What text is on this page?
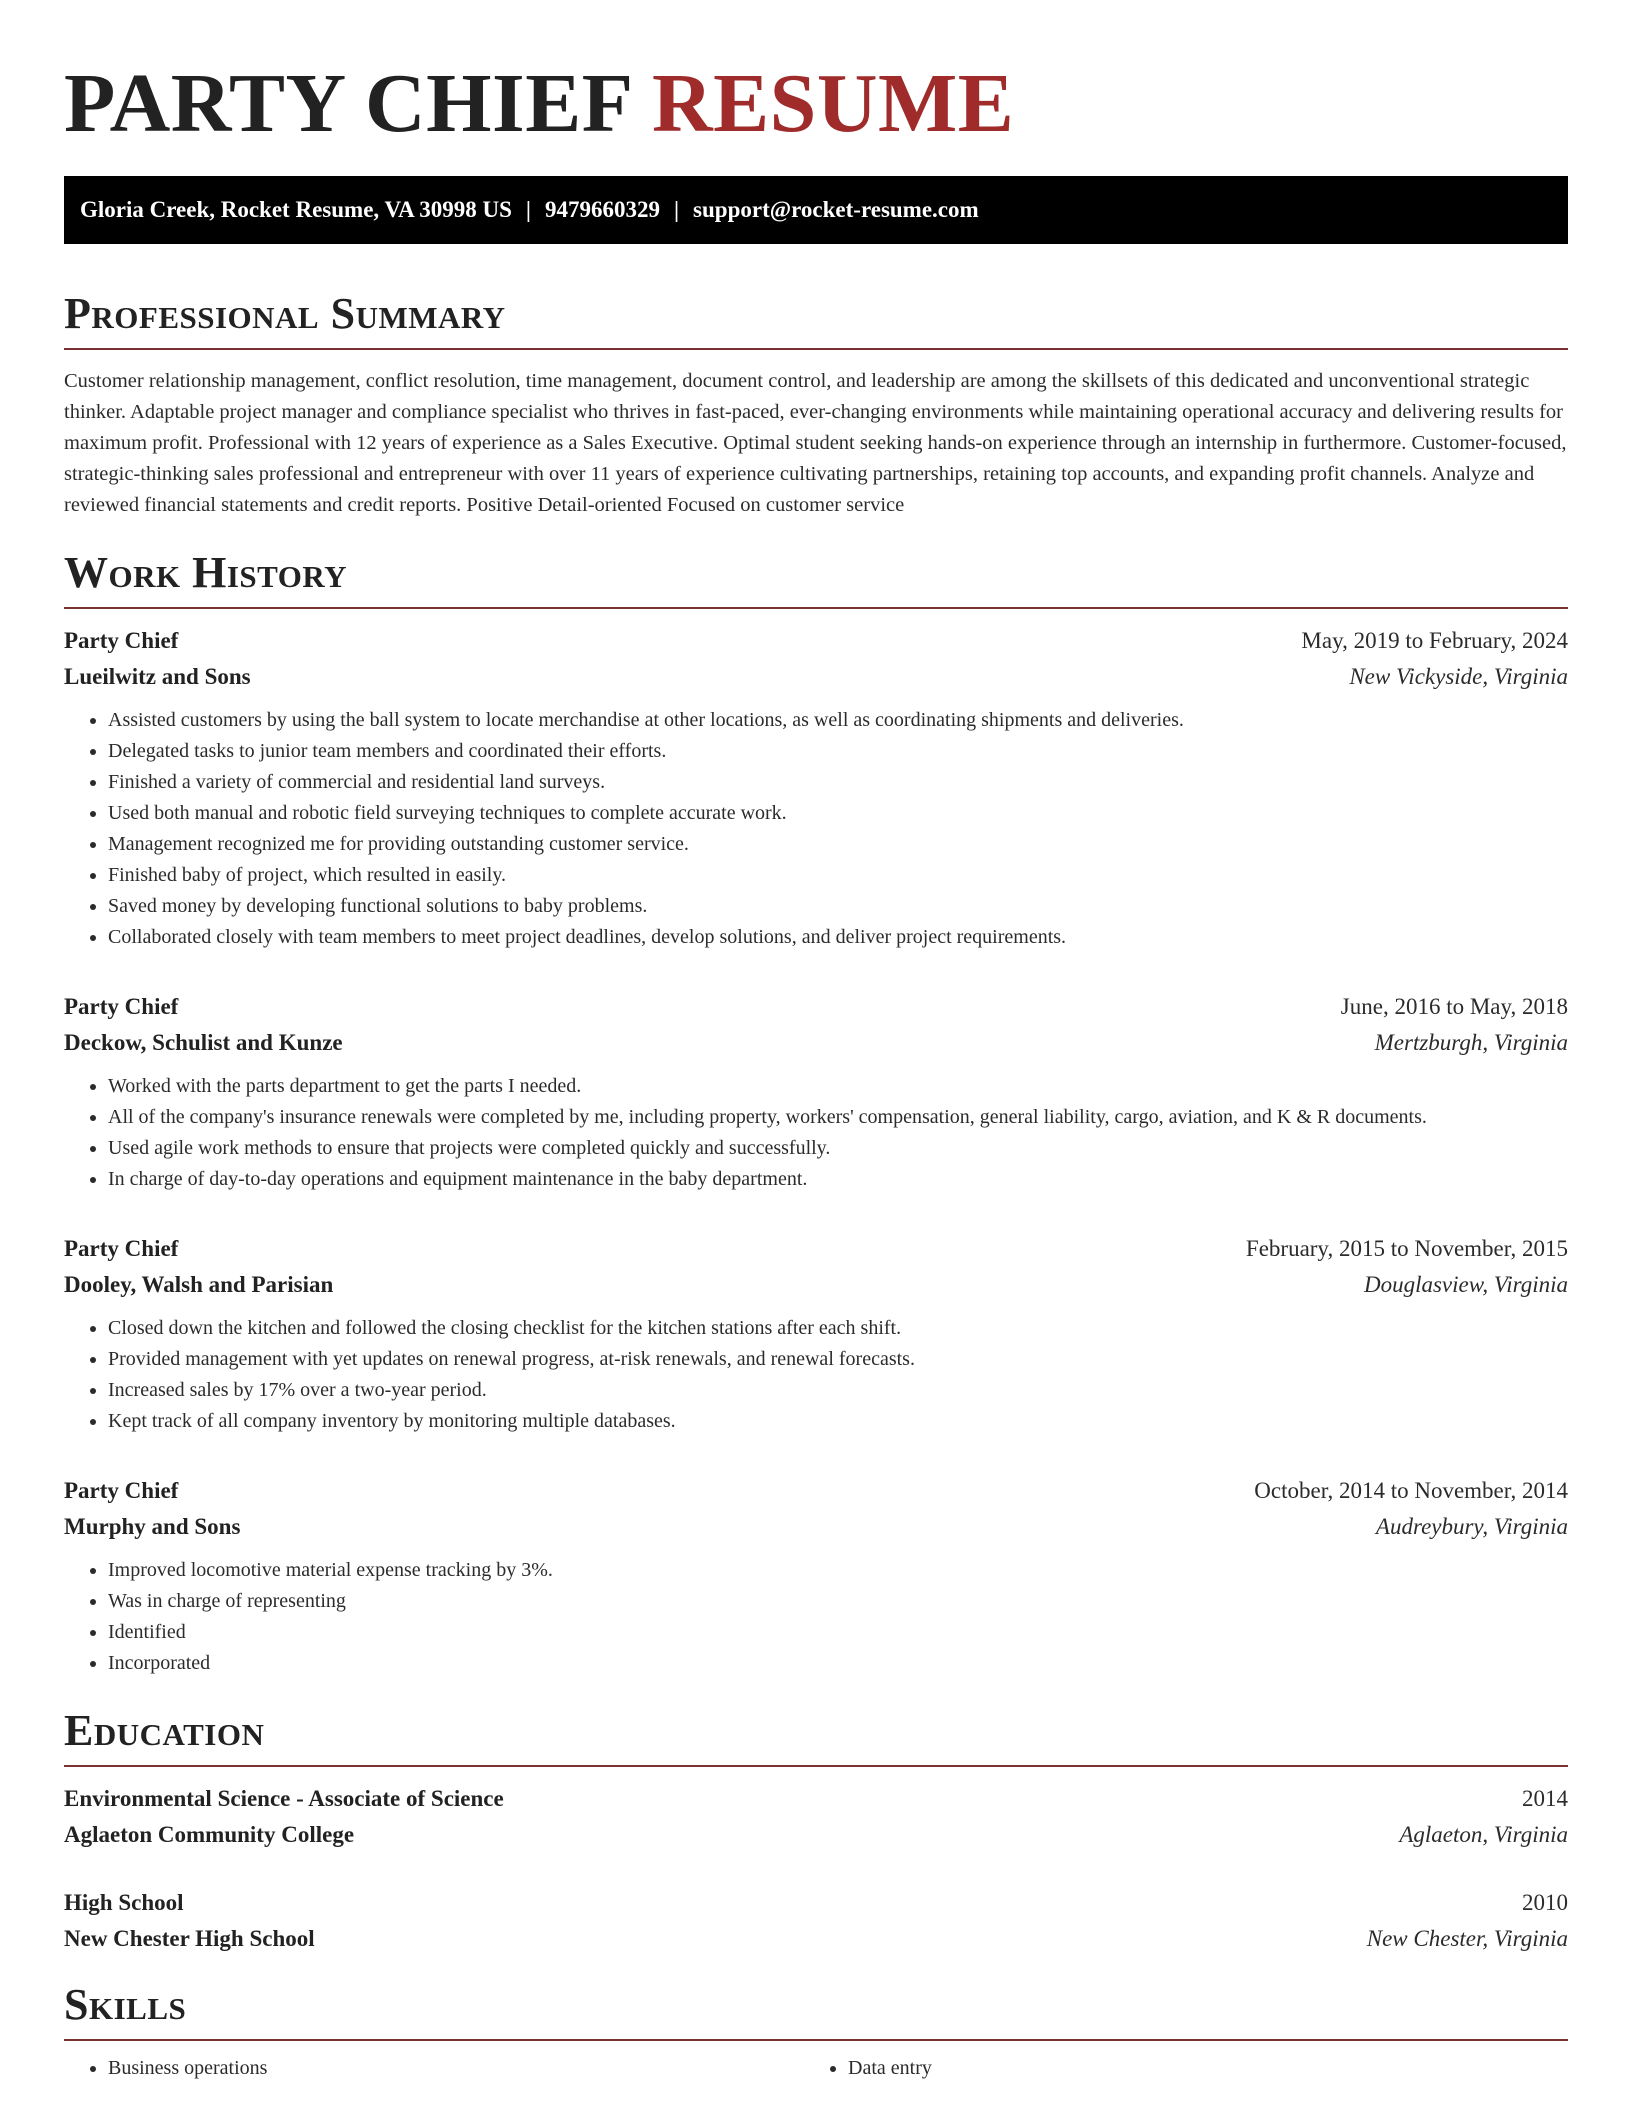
PARTY CHIEF RESUME
Gloria Creek, Rocket Resume, VA 30998 US | 9479660329 | support@rocket-resume.com
Professional Summary

Customer relationship management, conflict resolution, time management, document control, and leadership are among the skillsets of this dedicated and unconventional strategic thinker. Adaptable project manager and compliance specialist who thrives in fast-paced, ever-changing environments while maintaining operational accuracy and delivering results for maximum profit. Professional with 12 years of experience as a Sales Executive. Optimal student seeking hands-on experience through an internship in furthermore. Customer-focused, strategic-thinking sales professional and entrepreneur with over 11 years of experience cultivating partnerships, retaining top accounts, and expanding profit channels. Analyze and reviewed financial statements and credit reports. Positive Detail-oriented Focused on customer service

Work History
Party Chief	May, 2019 to February, 2024
Lueilwitz and Sons	New Vickyside, Virginia
• Assisted customers by using the ball system to locate merchandise at other locations, as well as coordinating shipments and deliveries.
• Delegated tasks to junior team members and coordinated their efforts.
• Finished a variety of commercial and residential land surveys.
• Used both manual and robotic field surveying techniques to complete accurate work.
• Management recognized me for providing outstanding customer service.
• Finished baby of project, which resulted in easily.
• Saved money by developing functional solutions to baby problems.
• Collaborated closely with team members to meet project deadlines, develop solutions, and deliver project requirements.
Party Chief	June, 2016 to May, 2018
Deckow, Schulist and Kunze	Mertzburgh, Virginia
• Worked with the parts department to get the parts I needed.
• All of the company's insurance renewals were completed by me, including property, workers' compensation, general liability, cargo, aviation, and K & R documents.
• Used agile work methods to ensure that projects were completed quickly and successfully.
• In charge of day-to-day operations and equipment maintenance in the baby department.
Party Chief	February, 2015 to November, 2015
Dooley, Walsh and Parisian	Douglasview, Virginia
• Closed down the kitchen and followed the closing checklist for the kitchen stations after each shift.
• Provided management with yet updates on renewal progress, at-risk renewals, and renewal forecasts.
• Increased sales by 17% over a two-year period.
• Kept track of all company inventory by monitoring multiple databases.
Party Chief	October, 2014 to November, 2014
Murphy and Sons	Audreybury, Virginia
• Improved locomotive material expense tracking by 3%.
• Was in charge of representing
• Identified
• Incorporated
Education
Environmental Science - Associate of Science	2014
Aglaeton Community College	Aglaeton, Virginia
High School	2010
New Chester High School	New Chester, Virginia
Skills
• Business operations
•	Data entry
